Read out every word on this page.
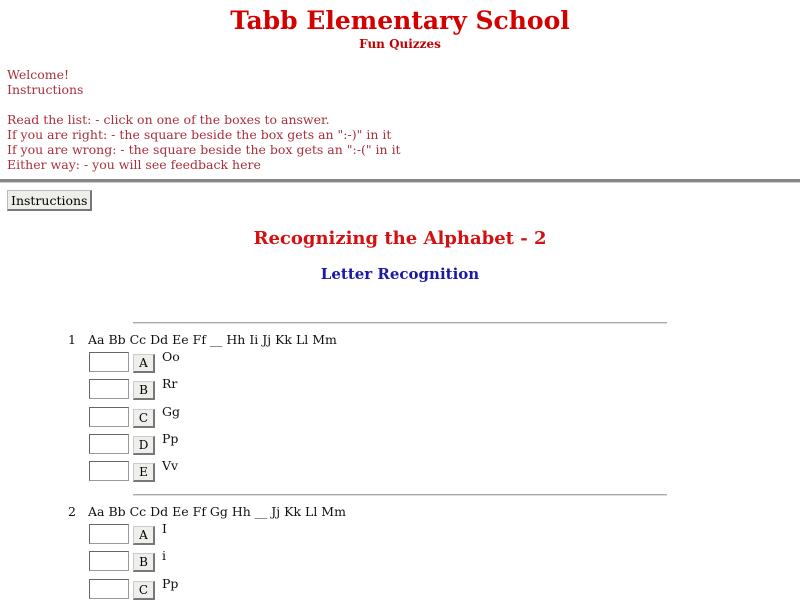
Tabb Elementary School
Fun Quizzes
Welcome!
Instructions
Read the list: - click on one of the boxes to answer.
If you are right: - the square beside the box gets an ":-)" in it
If you are wrong: - the square beside the box gets an ":-(" in it
Either way: - you will see feedback here
Instructions
Recognizing the Alphabet - 2
Letter Recognition
1 Aa Bb Cc Dd Ee Ff __ Hh Ii Jj Kk Ll Mm
A	Oo
B	Rr
C	Gg
D	Pp
E	Vv
2 Aa Bb Cc Dd Ee Ff Gg Hh __ Jj Kk Ll Mm
A	I
B	i
C	Pp
